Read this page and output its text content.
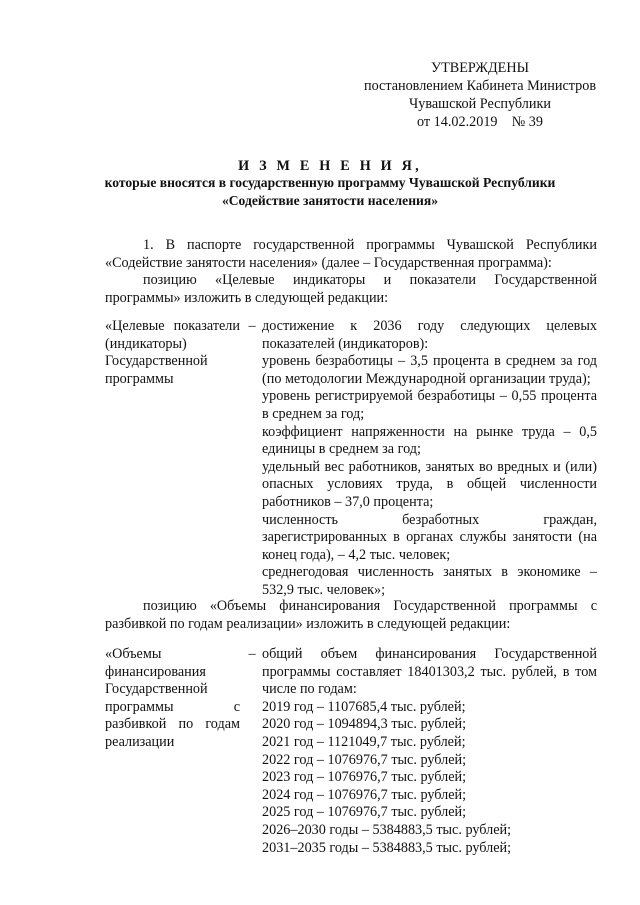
УТВЕРЖДЕНЫ
постановлением Кабинета Министров
Чувашской Республики
от 14.02.2019    № 39
И З М Е Н Е Н И Я,
которые вносятся в государственную программу Чувашской Республики
«Содействие занятости населения»
1. В паспорте государственной программы Чувашской Республики «Содействие занятости населения» (далее – Государственная программа):
позицию «Целевые индикаторы и показатели Государственной программы» изложить в следующей редакции:
«Целевые показатели (индикаторы) Государственной программы
– достижение к 2036 году следующих целевых показателей (индикаторов):
уровень безработицы – 3,5 процента в среднем за год (по методологии Международной организации труда);
уровень регистрируемой безработицы – 0,55 процента в среднем за год;
коэффициент напряженности на рынке труда – 0,5 единицы в среднем за год;
удельный вес работников, занятых во вредных и (или) опасных условиях труда, в общей численности работников – 37,0 процента;
численность безработных граждан, зарегистрированных в органах службы занятости (на конец года), – 4,2 тыс. человек;
среднегодовая численность занятых в экономике – 532,9 тыс. человек»;
позицию «Объемы финансирования Государственной программы с разбивкой по годам реализации» изложить в следующей редакции:
«Объемы финансирования Государственной программы с разбивкой по годам реализации
– общий объем финансирования Государственной программы составляет 18401303,2 тыс. рублей, в том числе по годам:
2019 год – 1107685,4 тыс. рублей;
2020 год – 1094894,3 тыс. рублей;
2021 год – 1121049,7 тыс. рублей;
2022 год – 1076976,7 тыс. рублей;
2023 год – 1076976,7 тыс. рублей;
2024 год – 1076976,7 тыс. рублей;
2025 год – 1076976,7 тыс. рублей;
2026–2030 годы – 5384883,5 тыс. рублей;
2031–2035 годы – 5384883,5 тыс. рублей;
